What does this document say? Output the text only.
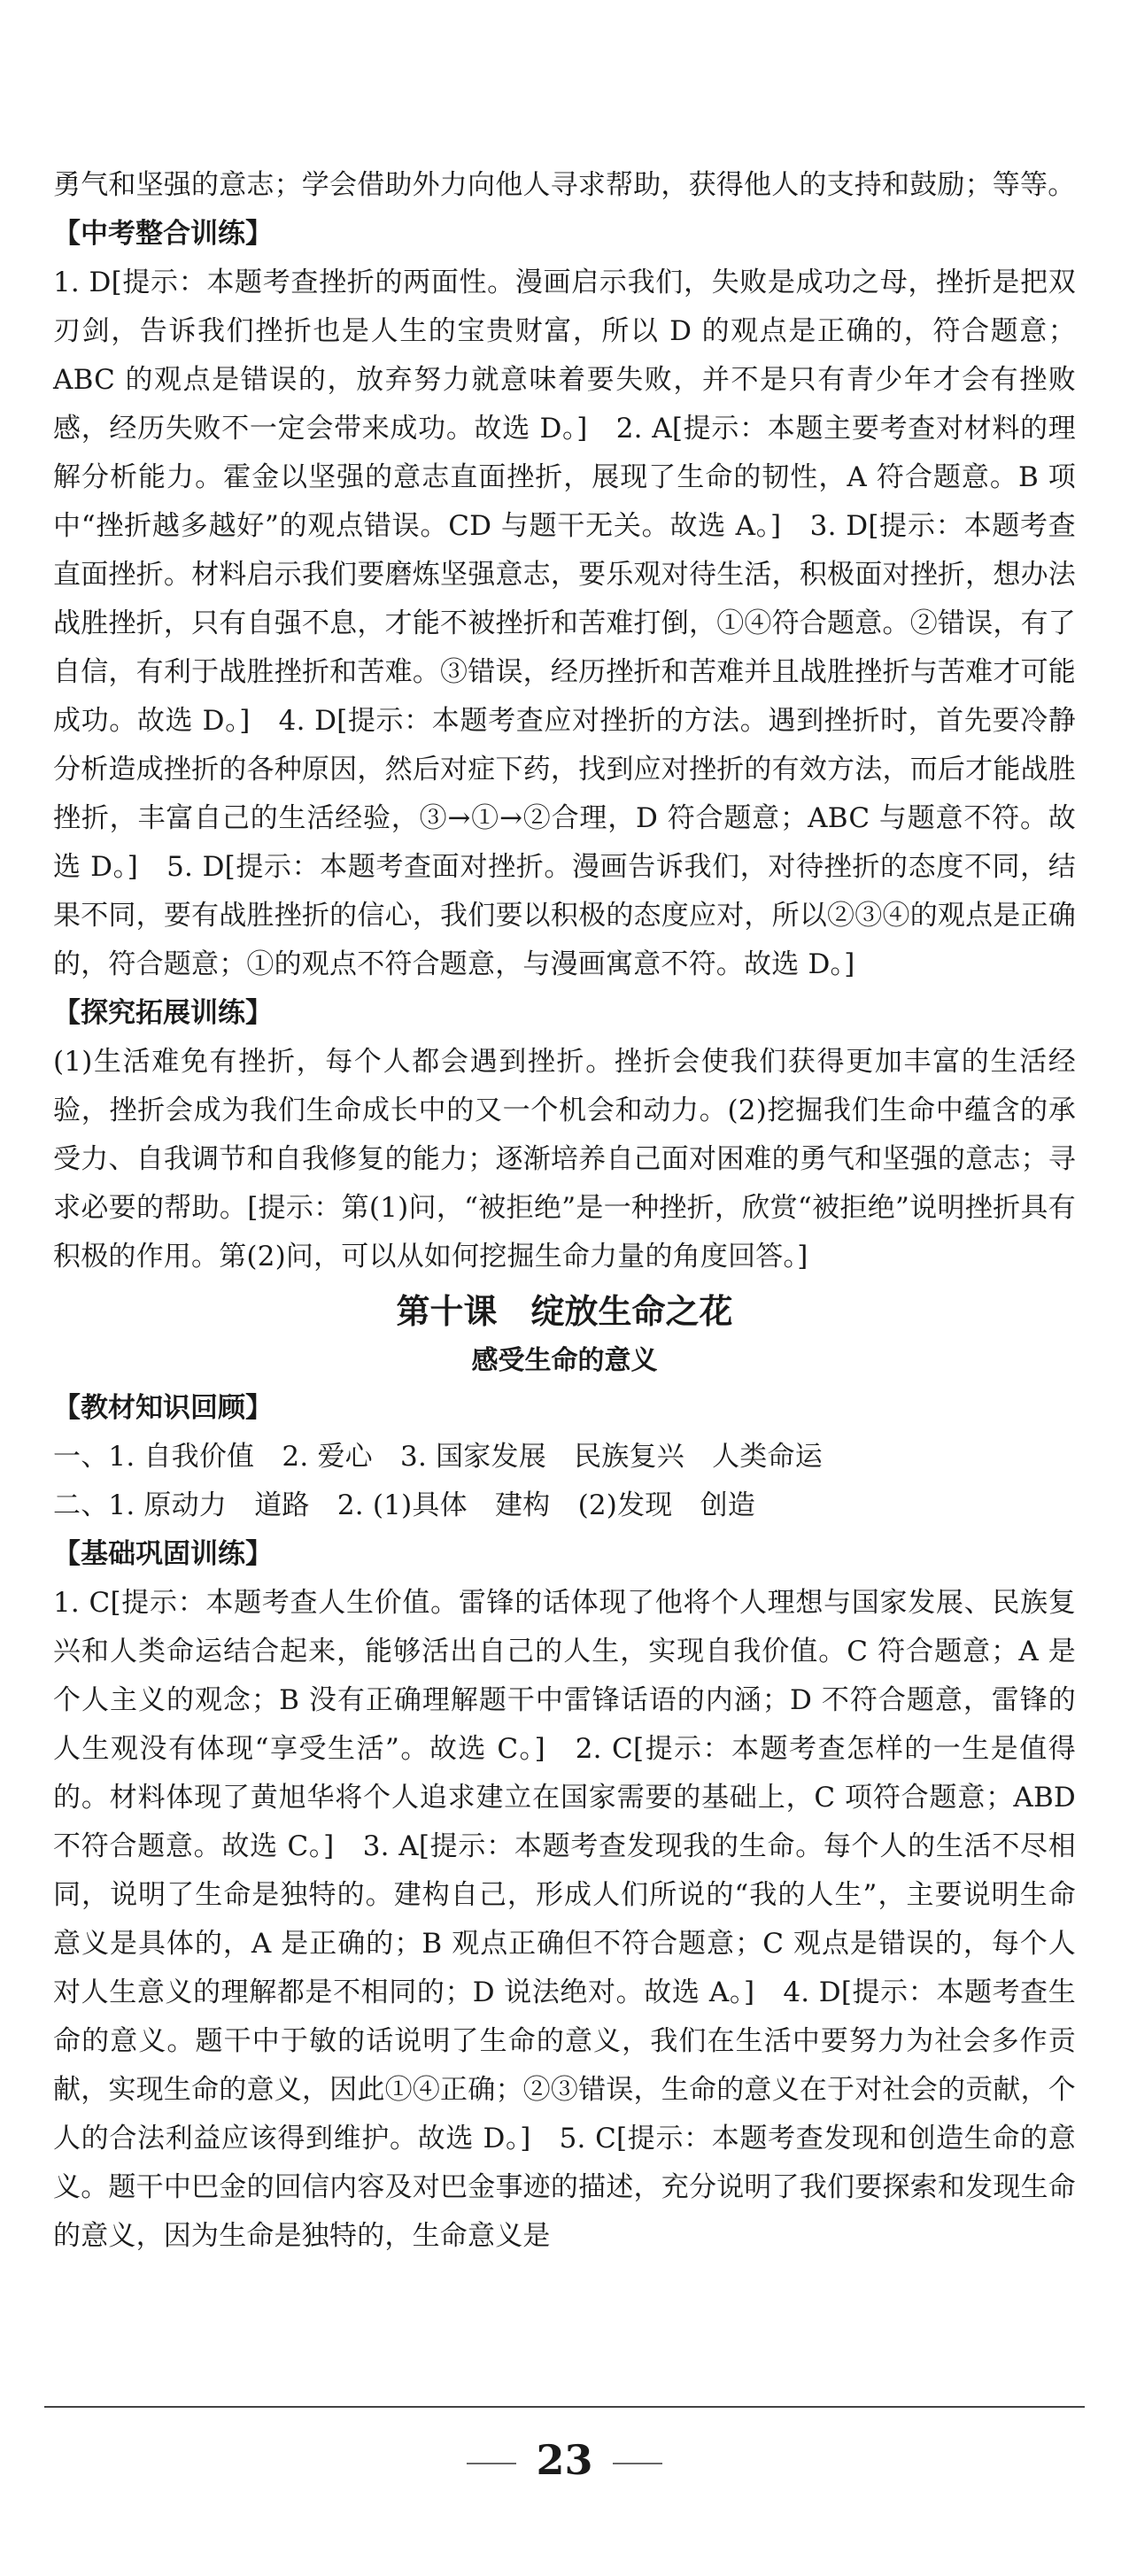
勇气和坚强的意志；学会借助外力向他人寻求帮助，获得他人的支持和鼓励；等等。

【中考整合训练】

1. D[提示：本题考查挫折的两面性。漫画启示我们，失败是成功之母，挫折是把双刃剑，告诉我们挫折也是人生的宝贵财富，所以 D 的观点是正确的，符合题意；ABC 的观点是错误的，放弃努力就意味着要失败，并不是只有青少年才会有挫败感，经历失败不一定会带来成功。故选 D。]　2. A[提示：本题主要考查对材料的理解分析能力。霍金以坚强的意志直面挫折，展现了生命的韧性，A 符合题意。B 项中“挫折越多越好”的观点错误。CD 与题干无关。故选 A。]　3. D[提示：本题考查直面挫折。材料启示我们要磨炼坚强意志，要乐观对待生活，积极面对挫折，想办法战胜挫折，只有自强不息，才能不被挫折和苦难打倒，①④符合题意。②错误，有了自信，有利于战胜挫折和苦难。③错误，经历挫折和苦难并且战胜挫折与苦难才可能成功。故选 D。]　4. D[提示：本题考查应对挫折的方法。遇到挫折时，首先要冷静分析造成挫折的各种原因，然后对症下药，找到应对挫折的有效方法，而后才能战胜挫折，丰富自己的生活经验，③→①→②合理，D 符合题意；ABC 与题意不符。故选 D。]　5. D[提示：本题考查面对挫折。漫画告诉我们，对待挫折的态度不同，结果不同，要有战胜挫折的信心，我们要以积极的态度应对，所以②③④的观点是正确的，符合题意；①的观点不符合题意，与漫画寓意不符。故选 D。]

【探究拓展训练】

(1)生活难免有挫折，每个人都会遇到挫折。挫折会使我们获得更加丰富的生活经验，挫折会成为我们生命成长中的又一个机会和动力。(2)挖掘我们生命中蕴含的承受力、自我调节和自我修复的能力；逐渐培养自己面对困难的勇气和坚强的意志；寻求必要的帮助。[提示：第(1)问，“被拒绝”是一种挫折，欣赏“被拒绝”说明挫折具有积极的作用。第(2)问，可以从如何挖掘生命力量的角度回答。]

第十课　绽放生命之花

感受生命的意义

【教材知识回顾】

一、1. 自我价值　2. 爱心　3. 国家发展　民族复兴　人类命运

二、1. 原动力　道路　2. (1)具体　建构　(2)发现　创造

【基础巩固训练】

1. C[提示：本题考查人生价值。雷锋的话体现了他将个人理想与国家发展、民族复兴和人类命运结合起来，能够活出自己的人生，实现自我价值。C 符合题意；A 是个人主义的观念；B 没有正确理解题干中雷锋话语的内涵；D 不符合题意，雷锋的人生观没有体现“享受生活”。故选 C。]　2. C[提示：本题考查怎样的一生是值得的。材料体现了黄旭华将个人追求建立在国家需要的基础上，C 项符合题意；ABD 不符合题意。故选 C。]　3. A[提示：本题考查发现我的生命。每个人的生活不尽相同，说明了生命是独特的。建构自己，形成人们所说的“我的人生”，主要说明生命意义是具体的，A 是正确的；B 观点正确但不符合题意；C 观点是错误的，每个人对人生意义的理解都是不相同的；D 说法绝对。故选 A。]　4. D[提示：本题考查生命的意义。题干中于敏的话说明了生命的意义，我们在生活中要努力为社会多作贡献，实现生命的意义，因此①④正确；②③错误，生命的意义在于对社会的贡献，个人的合法利益应该得到维护。故选 D。]　5. C[提示：本题考查发现和创造生命的意义。题干中巴金的回信内容及对巴金事迹的描述，充分说明了我们要探索和发现生命的意义，因为生命是独特的，生命意义是

23
